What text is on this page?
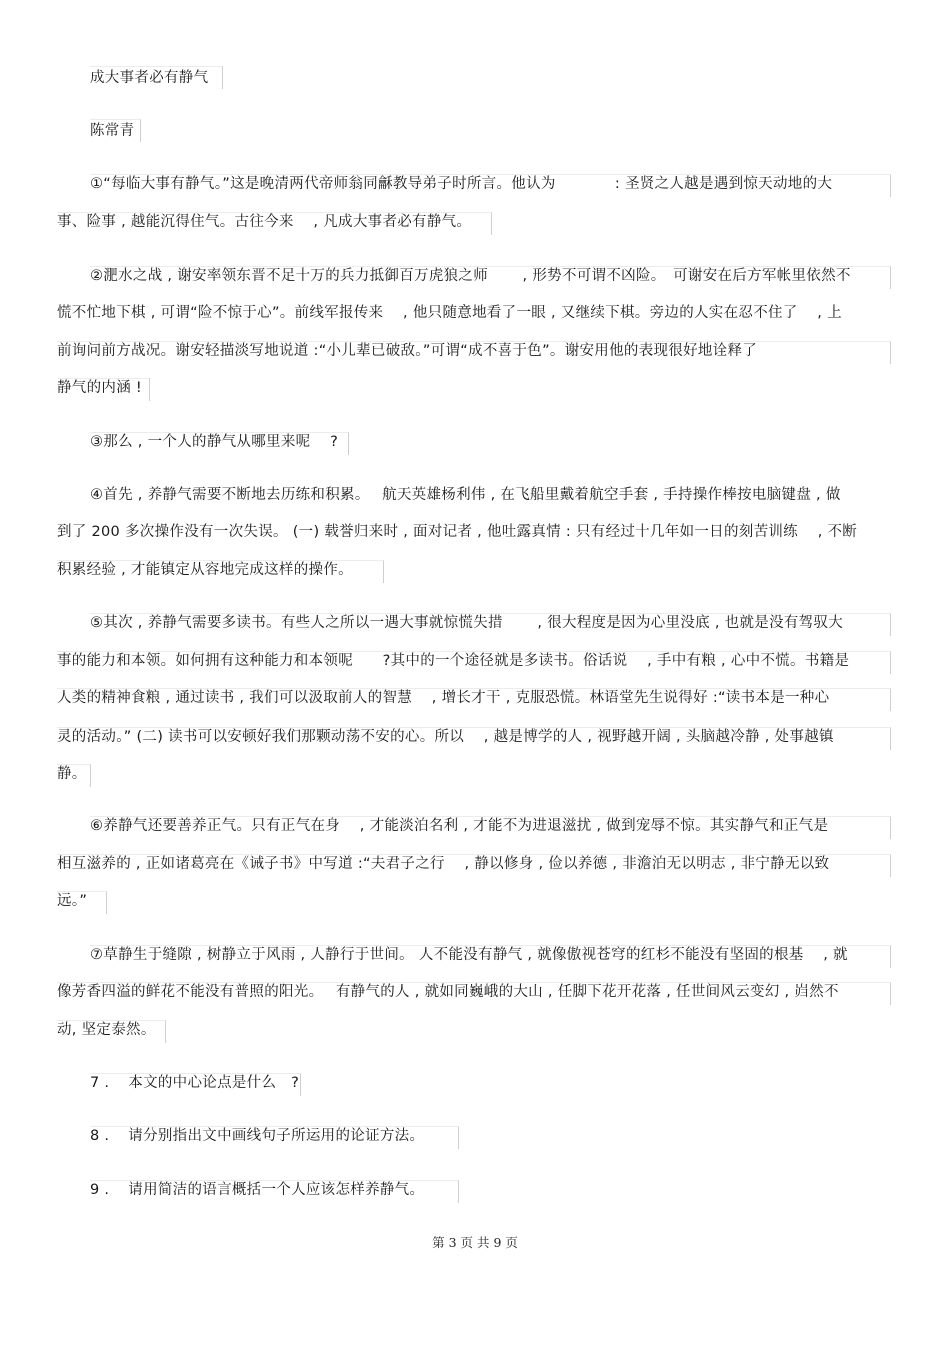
成大事者必有静气
陈常青
①“每临大事有静气。”这是晚清两代帝师翁同龢教导弟子时所言。他认为　　　　: 圣贤之人越是遇到惊天动地的大
事、险事 , 越能沉得住气。古往今来　 , 凡成大事者必有静气。
②淝水之战 , 谢安率领东晋不足十万的兵力抵御百万虎狼之师　　 , 形势不可谓不凶险。　可谢安在后方军帐里依然不
慌不忙地下棋 , 可谓“险不惊于心”。前线军报传来　 , 他只随意地看了一眼 , 又继续下棋。旁边的人实在忍不住了　 , 上
前询问前方战况。谢安轻描淡写地说道 :“小儿辈已破敌。”可谓“成不喜于色”。谢安用他的表现很好地诠释了
静气的内涵 !
③那么 , 一个人的静气从哪里来呢 　?
④首先 , 养静气需要不断地去历练和积累。　 航天英雄杨利伟 , 在飞船里戴着航空手套 , 手持操作棒按电脑键盘 , 做
到了 200 多次操作没有一次失误。 (一) 载誉归来时 , 面对记者 , 他吐露真情 : 只有经过十几年如一日的刻苦训练　 , 不断
积累经验 , 才能镇定从容地完成这样的操作。
⑤其次 , 养静气需要多读书。有些人之所以一遇大事就惊慌失措　　 , 很大程度是因为心里没底 , 也就是没有驾驭大
事的能力和本领。如何拥有这种能力和本领呢　　?其中的一个途径就是多读书。俗话说　 , 手中有粮 , 心中不慌。书籍是
人类的精神食粮 , 通过读书 , 我们可以汲取前人的智慧　 , 增长才干 , 克服恐慌。林语堂先生说得好 :“读书本是一种心
灵的活动。” (二) 读书可以安顿好我们那颗动荡不安的心。所以　 , 越是博学的人 , 视野越开阔 , 头脑越冷静 , 处事越镇
静。
⑥养静气还要善养正气。只有正气在身　 , 才能淡泊名利 , 才能不为进退滋扰 , 做到宠辱不惊。其实静气和正气是
相互滋养的 , 正如诸葛亮在《诫子书》中写道 :“夫君子之行　 , 静以修身 , 俭以养德 , 非澹泊无以明志 , 非宁静无以致
远。”
⑦草静生于缝隙 , 树静立于风雨 , 人静行于世间。 人不能没有静气 , 就像傲视苍穹的红杉不能没有坚固的根基　 , 就
像芳香四溢的鲜花不能没有普照的阳光。　 有静气的人 , 就如同巍峨的大山 , 任脚下花开花落 , 任世间风云变幻 , 岿然不
动, 坚定泰然。
7 . 本文的中心论点是什么　?
8 . 请分别指出文中画线句子所运用的论证方法。
9 . 请用简洁的语言概括一个人应该怎样养静气。
第 3 页 共 9 页
